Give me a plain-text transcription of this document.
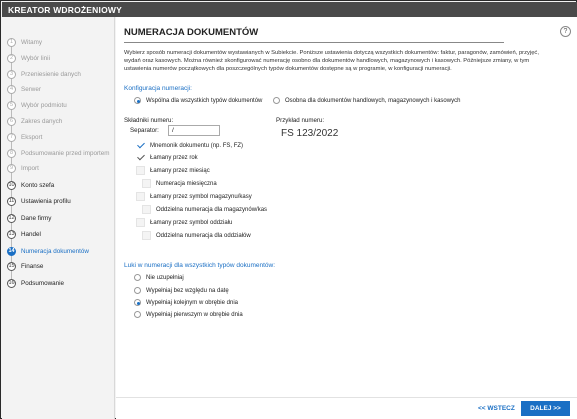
KREATOR WDROŻENIOWY
1	Witamy
2	Wybór linii
3	Przeniesienie danych
4	Serwer
5	Wybór podmiotu
6	Zakres danych
7	Eksport
8	Podsumowanie przed importem
9	Import
10 Konto szefa
11 Ustawienia profilu
12 Dane firmy
13 Handel
14 Numeracja dokumentów
15 Finanse
16 Podsumowanie
NUMERACJA DOKUMENTÓW	?
Wybierz sposób numeracji dokumentów wystawianych w Subiekcie. Poniższe ustawienia dotyczą wszystkich dokumentów: faktur, paragonów, zamówień, przyjęć, wydań oraz kasowych. Można również skonfigurować numerację osobno dla dokumentów handlowych, magazynowych i kasowych. Późniejsze zmiany, w tym ustawienia numerów początkowych dla poszczególnych typów dokumentów dostępne są w programie, w konfiguracji numeracji.
Konfiguracja numeracji:
Wspólna dla wszystkich typów dokumentów	Osobna dla dokumentów handlowych, magazynowych i kasowych
Składniki numeru:
Separator:
/
Przykład numeru:
FS 123/2022
Mnemonik dokumentu (np. FS, FZ)
Łamany przez rok
Łamany przez miesiąc
Numeracja miesięczna
Łamany przez symbol magazynu/kasy
Oddzielna numeracja dla magazynów/kas
Łamany przez symbol oddziału
Oddzielna numeracja dla oddziałów
Luki w numeracji dla wszystkich typów dokumentów:
Nie uzupełniaj
Wypełniaj bez względu na datę
Wypełniaj kolejnym w obrębie dnia
Wypełniaj pierwszym w obrębie dnia
<< WSTECZ	DALEJ >>
